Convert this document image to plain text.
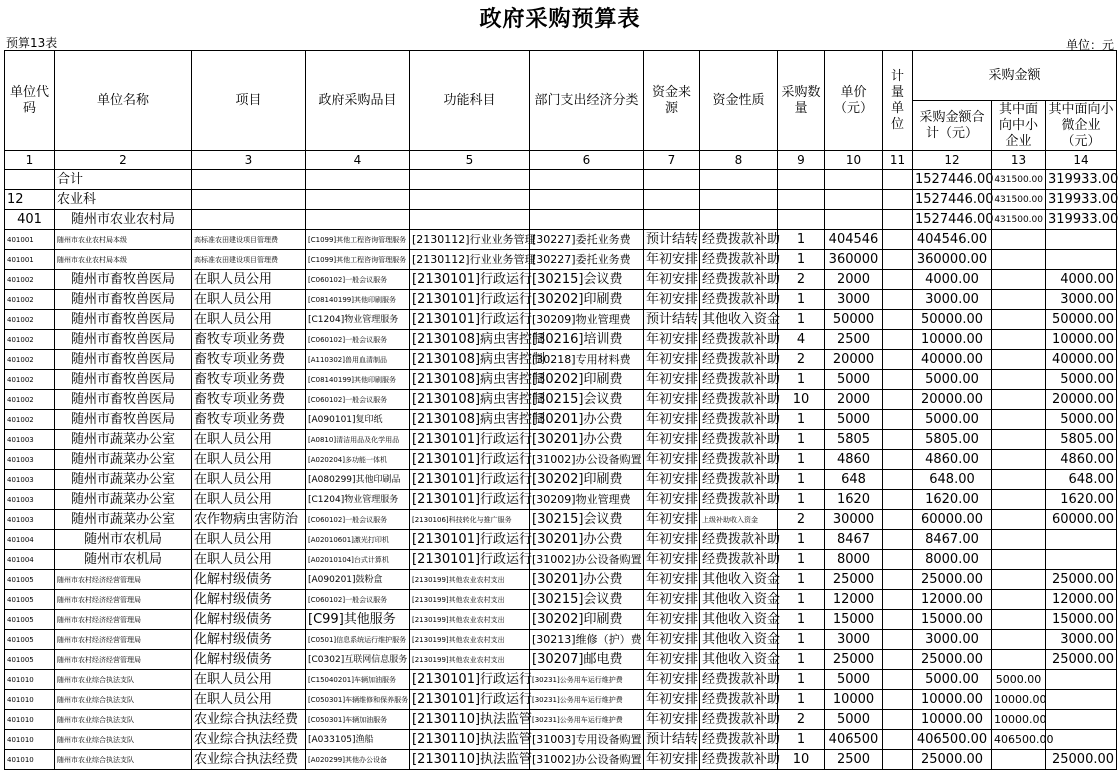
政府采购预算表
预算13表	单位：元
单位代码	单位名称	项目	政府采购品目	功能科目	部门支出经济分类	资金来源	资金性质	采购数量	单价（元）	计量单位	采购金额		
											采购金额合计（元）	其中面向中小企业	其中面向小微企业（元）
1	2	3	4	5	6	7	8	9	10	11	12	13	14
	合计										1527446.00	431500.00	319933.00
12	农业科										1527446.00	431500.00	319933.00
401	随州市农业农村局										1527446.00	431500.00	319933.00
401001	随州市农业农村局本级	高标准农田建设项目管理费	[C1099]其他工程咨询管理服务	[2130112]行业业务管理	[30227]委托业务费	预计结转	经费拨款补助	1	404546		404546.00		
401001	随州市农业农村局本级	高标准农田建设项目管理费	[C1099]其他工程咨询管理服务	[2130112]行业业务管理	[30227]委托业务费	年初安排	经费拨款补助	1	360000		360000.00		
401002	随州市畜牧兽医局	在职人员公用	[C060102]一般会议服务	[2130101]行政运行	[30215]会议费	年初安排	经费拨款补助	2	2000		4000.00		4000.00
401002	随州市畜牧兽医局	在职人员公用	[C08140199]其他印刷服务	[2130101]行政运行	[30202]印刷费	年初安排	经费拨款补助	1	3000		3000.00		3000.00
401002	随州市畜牧兽医局	在职人员公用	[C1204]物业管理服务	[2130101]行政运行	[30209]物业管理费	预计结转	其他收入资金	1	50000		50000.00		50000.00
401002	随州市畜牧兽医局	畜牧专项业务费	[C060102]一般会议服务	[2130108]病虫害控制	[30216]培训费	年初安排	经费拨款补助	4	2500		10000.00		10000.00
401002	随州市畜牧兽医局	畜牧专项业务费	[A110302]兽用血清制品	[2130108]病虫害控制	[30218]专用材料费	年初安排	经费拨款补助	2	20000		40000.00		40000.00
401002	随州市畜牧兽医局	畜牧专项业务费	[C08140199]其他印刷服务	[2130108]病虫害控制	[30202]印刷费	年初安排	经费拨款补助	1	5000		5000.00		5000.00
401002	随州市畜牧兽医局	畜牧专项业务费	[C060102]一般会议服务	[2130108]病虫害控制	[30215]会议费	年初安排	经费拨款补助	10	2000		20000.00		20000.00
401002	随州市畜牧兽医局	畜牧专项业务费	[A090101]复印纸	[2130108]病虫害控制	[30201]办公费	年初安排	经费拨款补助	1	5000		5000.00		5000.00
401003	随州市蔬菜办公室	在职人员公用	[A0810]清洁用品及化学用品	[2130101]行政运行	[30201]办公费	年初安排	经费拨款补助	1	5805		5805.00		5805.00
401003	随州市蔬菜办公室	在职人员公用	[A020204]多功能一体机	[2130101]行政运行	[31002]办公设备购置	年初安排	经费拨款补助	1	4860		4860.00		4860.00
401003	随州市蔬菜办公室	在职人员公用	[A080299]其他印刷品	[2130101]行政运行	[30202]印刷费	年初安排	经费拨款补助	1	648		648.00		648.00
401003	随州市蔬菜办公室	在职人员公用	[C1204]物业管理服务	[2130101]行政运行	[30209]物业管理费	年初安排	经费拨款补助	1	1620		1620.00		1620.00
401003	随州市蔬菜办公室	农作物病虫害防治	[C060102]一般会议服务	[2130106]科技转化与推广服务	[30215]会议费	年初安排	上级补助收入资金	2	30000		60000.00		60000.00
401004	随州市农机局	在职人员公用	[A02010601]激光打印机	[2130101]行政运行	[30201]办公费	年初安排	经费拨款补助	1	8467		8467.00		
401004	随州市农机局	在职人员公用	[A02010104]台式计算机	[2130101]行政运行	[31002]办公设备购置	年初安排	经费拨款补助	1	8000		8000.00		
401005	随州市农村经济经营管理局	化解村级债务	[A090201]鼓粉盒	[2130199]其他农业农村支出	[30201]办公费	年初安排	其他收入资金	1	25000		25000.00		25000.00
401005	随州市农村经济经营管理局	化解村级债务	[C060102]一般会议服务	[2130199]其他农业农村支出	[30215]会议费	年初安排	其他收入资金	1	12000		12000.00		12000.00
401005	随州市农村经济经营管理局	化解村级债务	[C99]其他服务	[2130199]其他农业农村支出	[30202]印刷费	年初安排	其他收入资金	1	15000		15000.00		15000.00
401005	随州市农村经济经营管理局	化解村级债务	[C0501]信息系统运行维护服务	[2130199]其他农业农村支出	[30213]维修（护）费	年初安排	其他收入资金	1	3000		3000.00		3000.00
401005	随州市农村经济经营管理局	化解村级债务	[C0302]互联网信息服务	[2130199]其他农业农村支出	[30207]邮电费	年初安排	其他收入资金	1	25000		25000.00		25000.00
401010	随州市农业综合执法支队	在职人员公用	[C15040201]车辆加油服务	[2130101]行政运行	[30231]公务用车运行维护费	年初安排	经费拨款补助	1	5000		5000.00	5000.00	
401010	随州市农业综合执法支队	在职人员公用	[C050301]车辆维修和保养服务	[2130101]行政运行	[30231]公务用车运行维护费	年初安排	经费拨款补助	1	10000		10000.00	10000.00	
401010	随州市农业综合执法支队	农业综合执法经费	[C050301]车辆加油服务	[2130110]执法监管	[30231]公务用车运行维护费	年初安排	经费拨款补助	2	5000		10000.00	10000.00	
401010	随州市农业综合执法支队	农业综合执法经费	[A033105]渔船	[2130110]执法监管	[31003]专用设备购置	预计结转	经费拨款补助	1	406500		406500.00	406500.00	
401010	随州市农业综合执法支队	农业综合执法经费	[A020299]其他办公设备	[2130110]执法监管	[31002]办公设备购置	年初安排	经费拨款补助	10	2500		25000.00		25000.00
